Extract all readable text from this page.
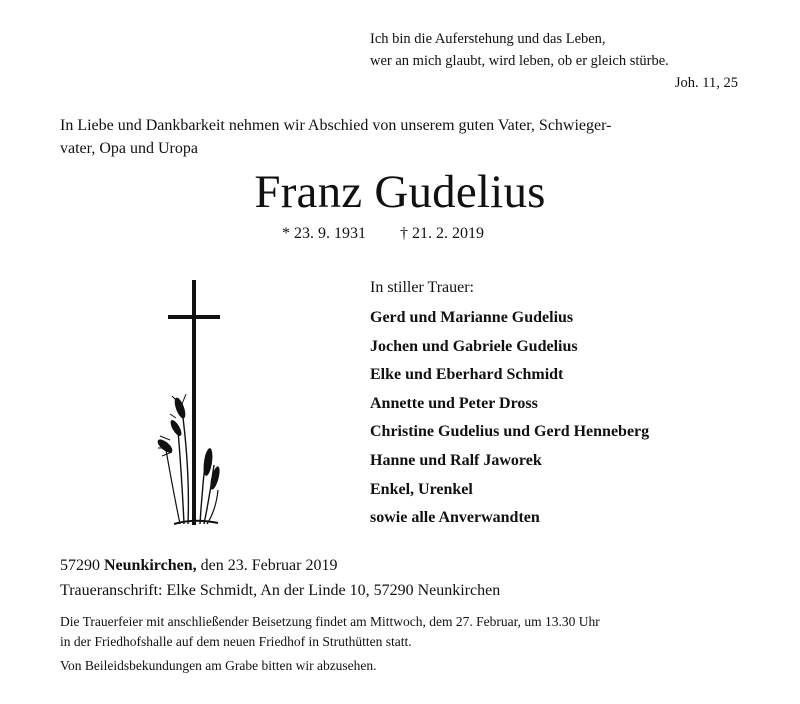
Ich bin die Auferstehung und das Leben,
wer an mich glaubt, wird leben, ob er gleich stürbe.
Joh. 11, 25
In Liebe und Dankbarkeit nehmen wir Abschied von unserem guten Vater, Schwieger-
vater, Opa und Uropa
Franz Gudelius
* 23. 9. 1931 † 21. 2. 2019
In stiller Trauer:
Gerd und Marianne Gudelius
Jochen und Gabriele Gudelius
Elke und Eberhard Schmidt
Annette und Peter Dross
Christine Gudelius und Gerd Henneberg
Hanne und Ralf Jaworek
Enkel, Urenkel
sowie alle Anverwandten
57290 Neunkirchen, den 23. Februar 2019
Traueranschrift: Elke Schmidt, An der Linde 10, 57290 Neunkirchen
Die Trauerfeier mit anschließender Beisetzung findet am Mittwoch, dem 27. Februar, um 13.30 Uhr
in der Friedhofshalle auf dem neuen Friedhof in Struthütten statt.
Von Beileidsbekundungen am Grabe bitten wir abzusehen.
